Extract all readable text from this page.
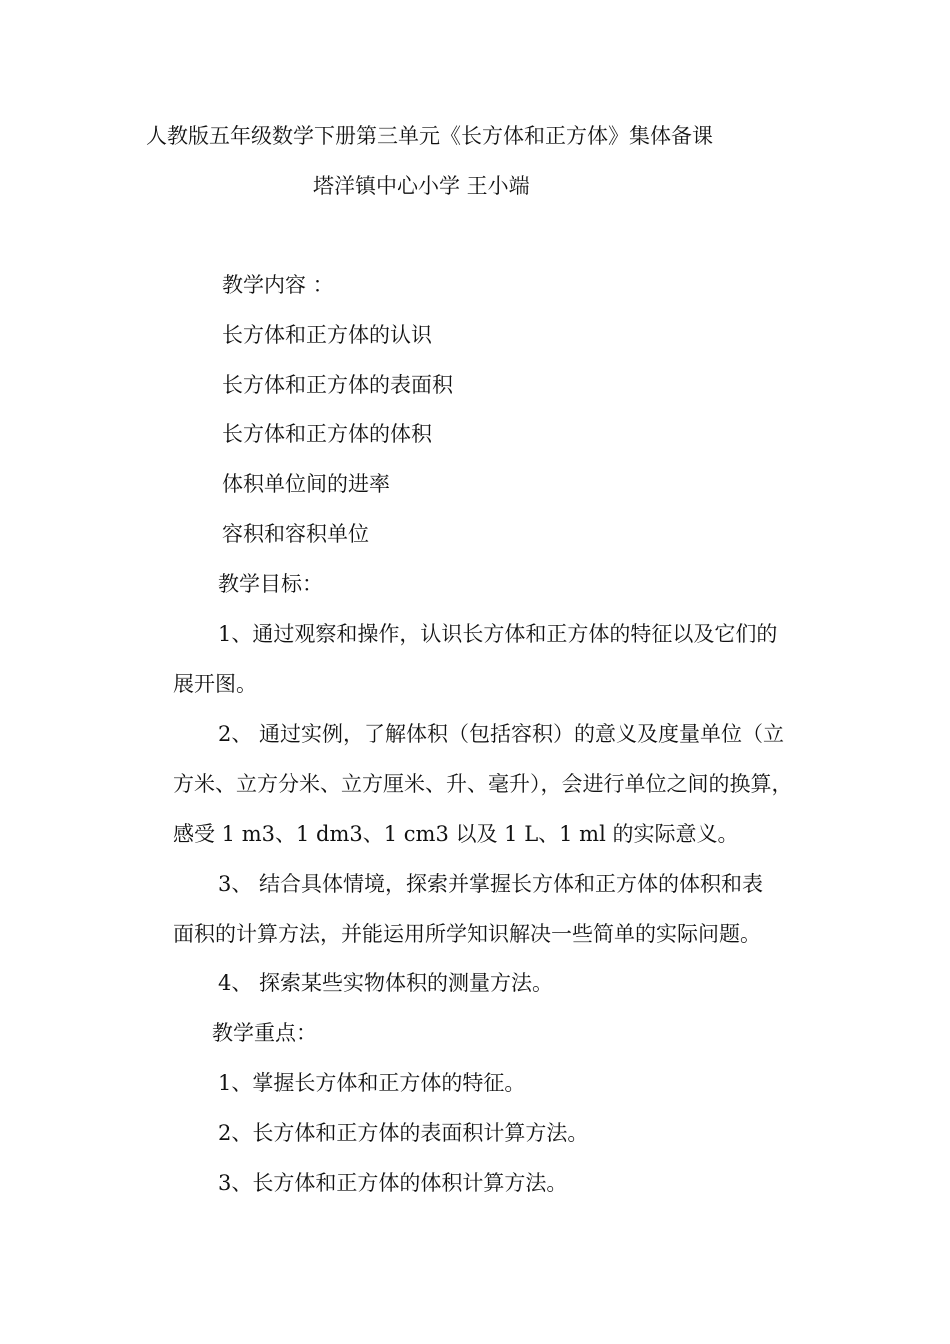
人教版五年级数学下册第三单元《长方体和正方体》集体备课
塔洋镇中心小学 王小端
教学内容 ：
长方体和正方体的认识
长方体和正方体的表面积
长方体和正方体的体积
体积单位间的进率
容积和容积单位
教学目标：
1、通过观察和操作，认识长方体和正方体的特征以及它们的
展开图。
2、 通过实例，了解体积（包括容积）的意义及度量单位（立
方米、立方分米、立方厘米、升、毫升），会进行单位之间的换算，
感受 1 m3、1 dm3、1 cm3 以及 1 L、1 ml 的实际意义。
3、 结合具体情境，探索并掌握长方体和正方体的体积和表
面积的计算方法，并能运用所学知识解决一些简单的实际问题。
4、 探索某些实物体积的测量方法。
教学重点：
1、掌握长方体和正方体的特征。
2、长方体和正方体的表面积计算方法。
3、长方体和正方体的体积计算方法。
